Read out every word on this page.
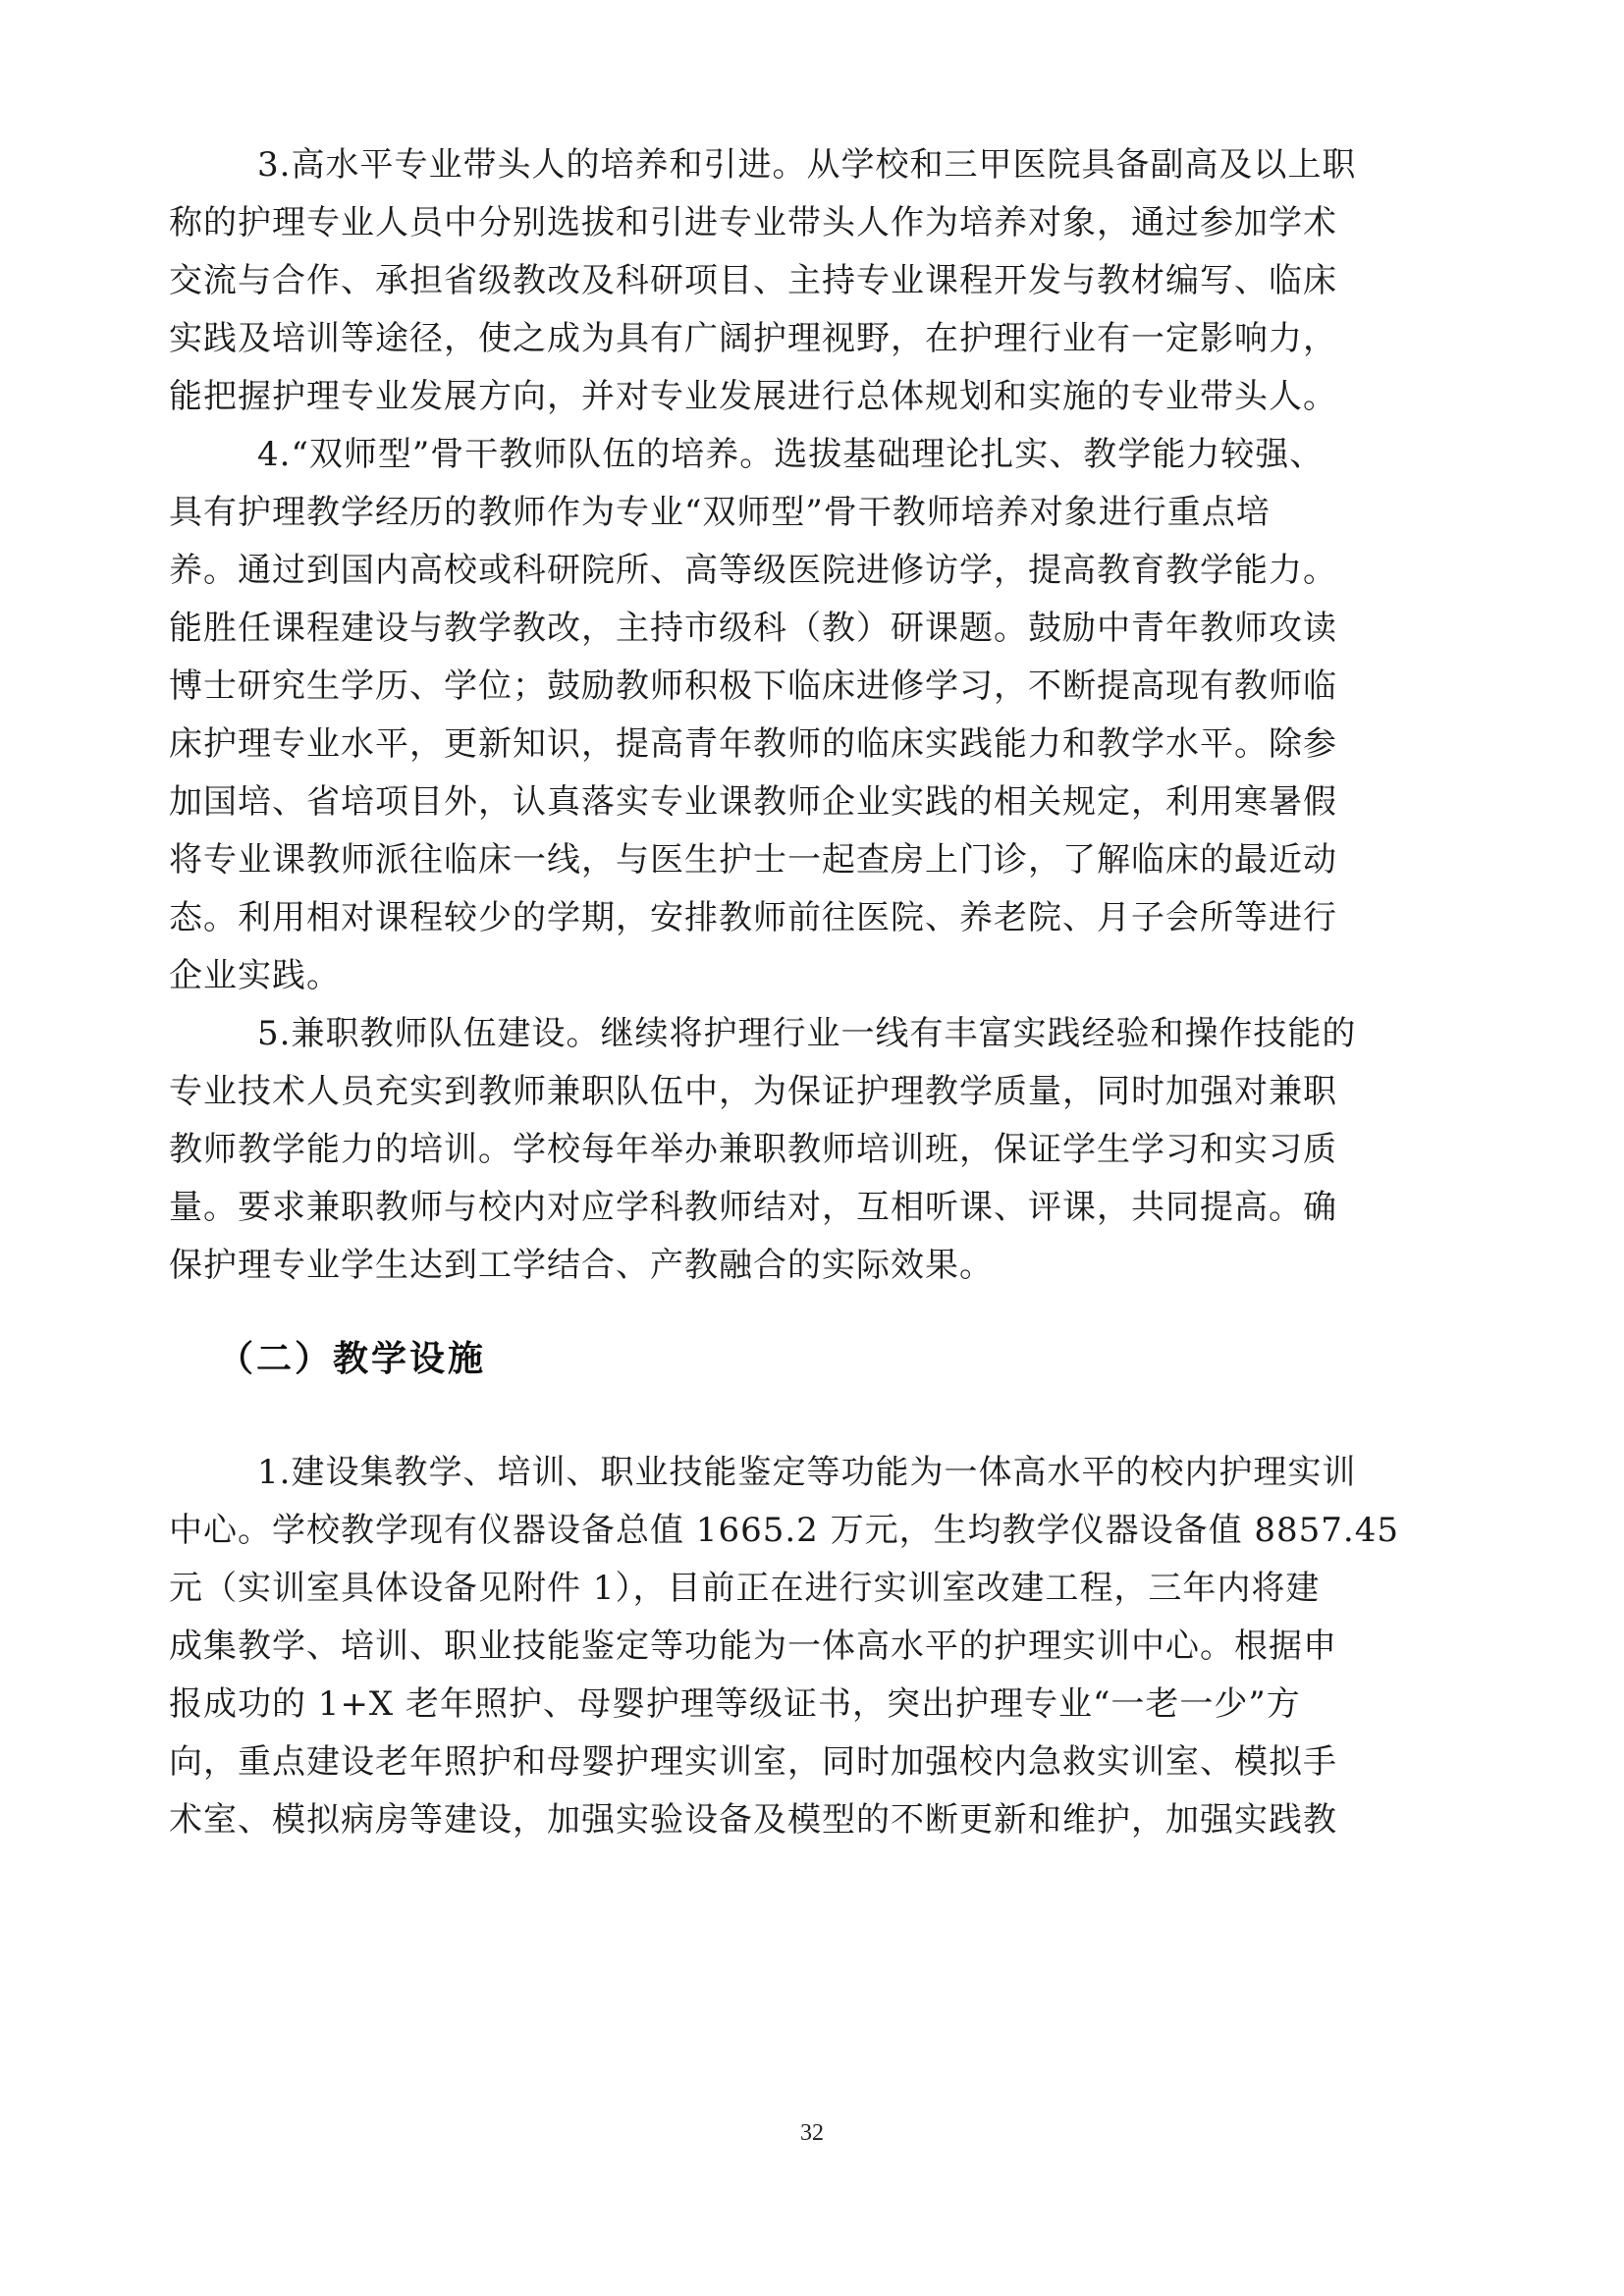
3.高水平专业带头人的培养和引进。从学校和三甲医院具备副高及以上职

称的护理专业人员中分别选拔和引进专业带头人作为培养对象，通过参加学术

交流与合作、承担省级教改及科研项目、主持专业课程开发与教材编写、临床

实践及培训等途径，使之成为具有广阔护理视野，在护理行业有一定影响力，

能把握护理专业发展方向，并对专业发展进行总体规划和实施的专业带头人。

4.“双师型”骨干教师队伍的培养。选拔基础理论扎实、教学能力较强、

具有护理教学经历的教师作为专业“双师型”骨干教师培养对象进行重点培

养。通过到国内高校或科研院所、高等级医院进修访学，提高教育教学能力。

能胜任课程建设与教学教改，主持市级科（教）研课题。鼓励中青年教师攻读

博士研究生学历、学位；鼓励教师积极下临床进修学习，不断提高现有教师临

床护理专业水平，更新知识，提高青年教师的临床实践能力和教学水平。除参

加国培、省培项目外，认真落实专业课教师企业实践的相关规定，利用寒暑假

将专业课教师派往临床一线，与医生护士一起查房上门诊，了解临床的最近动

态。利用相对课程较少的学期，安排教师前往医院、养老院、月子会所等进行

企业实践。

5.兼职教师队伍建设。继续将护理行业一线有丰富实践经验和操作技能的

专业技术人员充实到教师兼职队伍中，为保证护理教学质量，同时加强对兼职

教师教学能力的培训。学校每年举办兼职教师培训班，保证学生学习和实习质

量。要求兼职教师与校内对应学科教师结对，互相听课、评课，共同提高。确

保护理专业学生达到工学结合、产教融合的实际效果。

（二）教学设施

1.建设集教学、培训、职业技能鉴定等功能为一体高水平的校内护理实训

中心。学校教学现有仪器设备总值 1665.2 万元，生均教学仪器设备值 8857.45

元（实训室具体设备见附件 1），目前正在进行实训室改建工程，三年内将建

成集教学、培训、职业技能鉴定等功能为一体高水平的护理实训中心。根据申

报成功的 1+X 老年照护、母婴护理等级证书，突出护理专业“一老一少”方

向，重点建设老年照护和母婴护理实训室，同时加强校内急救实训室、模拟手

术室、模拟病房等建设，加强实验设备及模型的不断更新和维护，加强实践教

32
